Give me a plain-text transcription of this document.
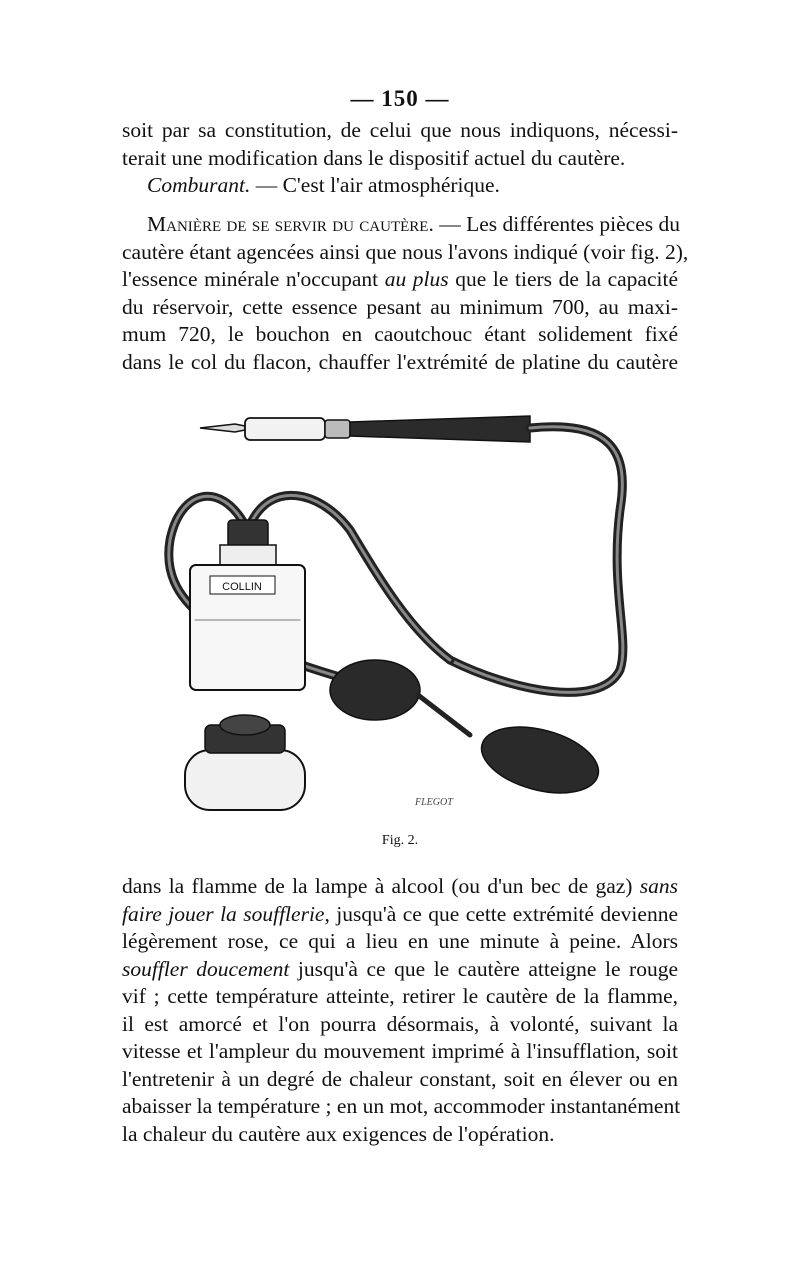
— 150 —
soit par sa constitution, de celui que nous indiquons, nécessi-
terait une modification dans le dispositif actuel du cautère.
Comburant. — C'est l'air atmosphérique.
Manière de se servir du cautère. — Les différentes pièces du
cautère étant agencées ainsi que nous l'avons indiqué (voir fig. 2),
l'essence minérale n'occupant au plus que le tiers de la capacité
du réservoir, cette essence pesant au minimum 700, au maxi-
mum 720, le bouchon en caoutchouc étant solidement fixé
dans le col du flacon, chauffer l'extrémité de platine du cautère
COLLIN
FLEGOT
Fig. 2.
dans la flamme de la lampe à alcool (ou d'un bec de gaz) sans
faire jouer la soufflerie, jusqu'à ce que cette extrémité devienne
légèrement rose, ce qui a lieu en une minute à peine. Alors
souffler doucement jusqu'à ce que le cautère atteigne le rouge
vif ; cette température atteinte, retirer le cautère de la flamme,
il est amorcé et l'on pourra désormais, à volonté, suivant la
vitesse et l'ampleur du mouvement imprimé à l'insufflation, soit
l'entretenir à un degré de chaleur constant, soit en élever ou en
abaisser la température ; en un mot, accommoder instantanément
la chaleur du cautère aux exigences de l'opération.
